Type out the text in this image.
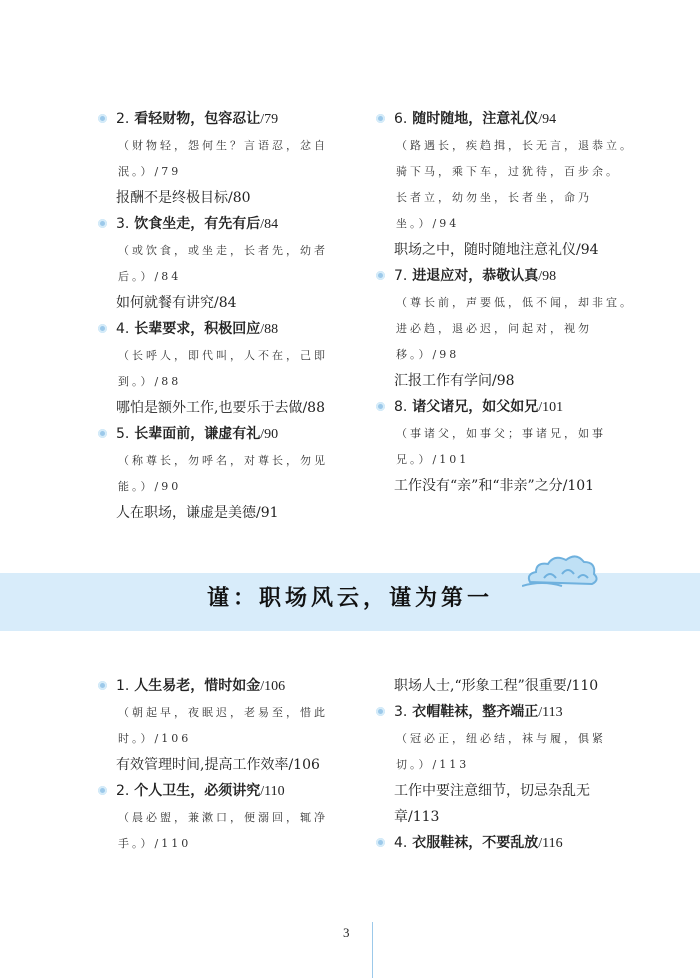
2. 看轻财物，包容忍让/79
（财物轻，怨何生？言语忍，忿自
泯。）/79
报酬不是终极目标/80
3. 饮食坐走，有先有后/84
（或饮食，或坐走，长者先，幼者
后。）/84
如何就餐有讲究/84
4. 长辈要求，积极回应/88
（长呼人，即代叫，人不在，己即
到。）/88
哪怕是额外工作,也要乐于去做/88
5. 长辈面前，谦虚有礼/90
（称尊长，勿呼名，对尊长，勿见
能。）/90
人在职场，谦虚是美德/91
6. 随时随地，注意礼仪/94
（路遇长，疾趋揖，长无言，退恭立。
骑下马，乘下车，过犹待，百步余。
长者立，幼勿坐，长者坐，命乃
坐。）/94
职场之中，随时随地注意礼仪/94
7. 进退应对，恭敬认真/98
（尊长前，声要低，低不闻，却非宜。
进必趋，退必迟，问起对，视勿
移。）/98
汇报工作有学问/98
8. 诸父诸兄，如父如兄/101
（事诸父，如事父；事诸兄，如事
兄。）/101
工作没有“亲”和“非亲”之分/101
谨：职场风云，谨为第一
1. 人生易老，惜时如金/106
（朝起早，夜眠迟，老易至，惜此
时。）/106
有效管理时间,提高工作效率/106
2. 个人卫生，必须讲究/110
（晨必盥，兼漱口，便溺回，辄净
手。）/110
职场人士,“形象工程”很重要/110
3. 衣帽鞋袜，整齐端正/113
（冠必正，纽必结，袜与履，俱紧
切。）/113
工作中要注意细节，切忌杂乱无
章/113
4. 衣服鞋袜，不要乱放/116
3
